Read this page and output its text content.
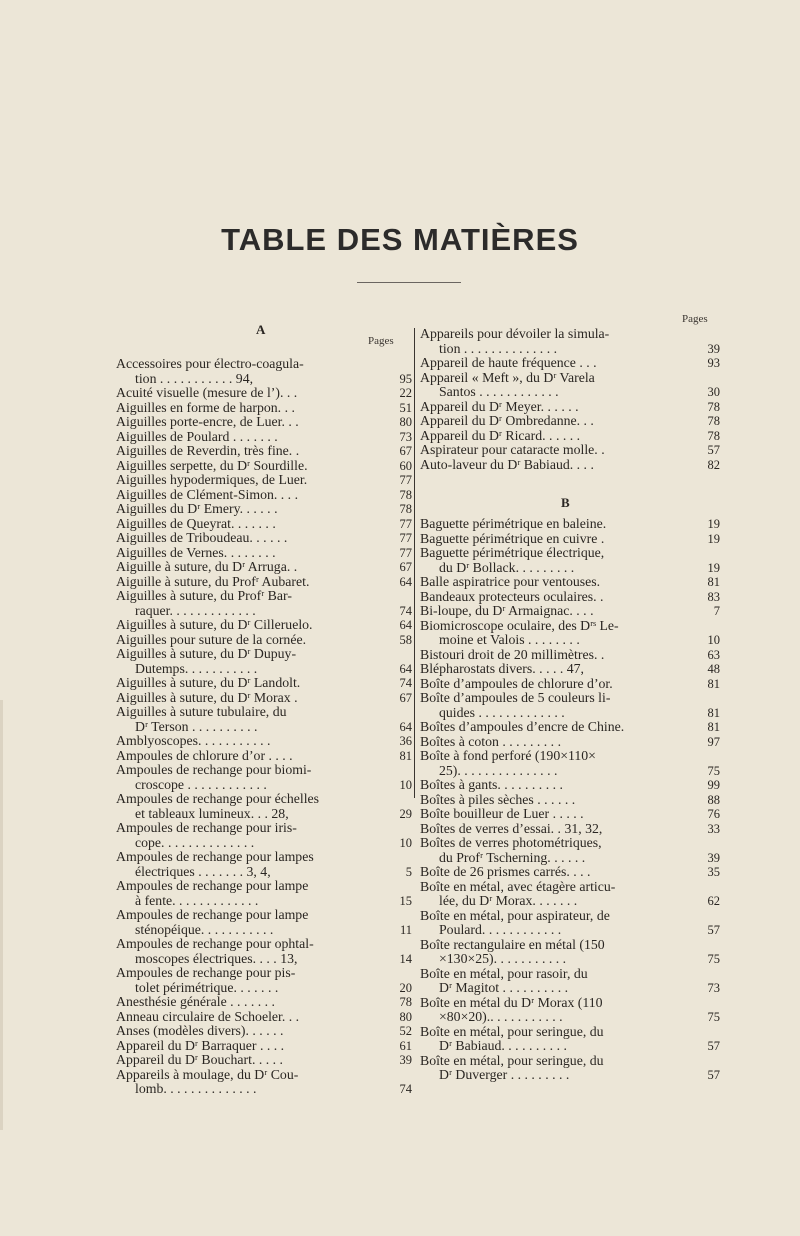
TABLE DES MATIÈRES
A
Pages
Accessoires pour électro-coagula-
tion . . . . . . . . . . . 94,	95
Acuité visuelle (mesure de l’). . .	22
Aiguilles en forme de harpon. . .	51
Aiguilles porte-encre, de Luer. . .	80
Aiguilles de Poulard . . . . . . .	73
Aiguilles de Reverdin, très fine. .	67
Aiguilles serpette, du Dʳ Sourdille.	60
Aiguilles hypodermiques, de Luer.	77
Aiguilles de Clément-Simon. . . .	78
Aiguilles du Dʳ Emery. . . . . .	78
Aiguilles de Queyrat. . . . . . .	77
Aiguilles de Triboudeau. . . . . .	77
Aiguilles de Vernes. . . . . . . .	77
Aiguille à suture, du Dʳ Arruga. .	67
Aiguille à suture, du Profʳ Aubaret.	64
Aiguilles à suture, du Profʳ Bar-
raquer. . . . . . . . . . . . .	74
Aiguilles à suture, du Dʳ Cilleruelo.	64
Aiguilles pour suture de la cornée.	58
Aiguilles à suture, du Dʳ Dupuy-
Dutemps. . . . . . . . . . .	64
Aiguilles à suture, du Dʳ Landolt.	74
Aiguilles à suture, du Dʳ Morax .	67
Aiguilles à suture tubulaire, du
Dʳ Terson . . . . . . . . . .	64
Amblyoscopes. . . . . . . . . . .	36
Ampoules de chlorure d’or . . . .	81
Ampoules de rechange pour biomi-
croscope . . . . . . . . . . . .	10
Ampoules de rechange pour échelles
et tableaux lumineux. . . 28,	29
Ampoules de rechange pour iris-
cope. . . . . . . . . . . . . .	10
Ampoules de rechange pour lampes
électriques . . . . . . . 3, 4,	5
Ampoules de rechange pour lampe
à fente. . . . . . . . . . . . .	15
Ampoules de rechange pour lampe
sténopéique. . . . . . . . . . .	11
Ampoules de rechange pour ophtal-
moscopes électriques. . . . 13,	14
Ampoules de rechange pour pis-
tolet périmétrique. . . . . . .	20
Anesthésie générale . . . . . . .	78
Anneau circulaire de Schoeler. . .	80
Anses (modèles divers). . . . . .	52
Appareil du Dʳ Barraquer . . . .	61
Appareil du Dʳ Bouchart. . . . .	39
Appareils à moulage, du Dʳ Cou-
lomb. . . . . . . . . . . . . .	74
Pages
B
Appareils pour dévoiler la simula-
tion . . . . . . . . . . . . . .	39
Appareil de haute fréquence . . .	93
Appareil « Meft », du Dʳ Varela
Santos . . . . . . . . . . . .	30
Appareil du Dʳ Meyer. . . . . .	78
Appareil du Dʳ Ombredanne. . .	78
Appareil du Dʳ Ricard. . . . . .	78
Aspirateur pour cataracte molle. .	57
Auto-laveur du Dʳ Babiaud. . . .	82
Baguette périmétrique en baleine.	19
Baguette périmétrique en cuivre .	19
Baguette périmétrique électrique,
du Dʳ Bollack. . . . . . . . .	19
Balle aspiratrice pour ventouses.	81
Bandeaux protecteurs oculaires. .	83
Bi-loupe, du Dʳ Armaignac. . . .	7
Biomicroscope oculaire, des Dʳˢ Le-
moine et Valois . . . . . . . .	10
Bistouri droit de 20 millimètres. .	63
Blépharostats divers. . . . . 47,	48
Boîte d’ampoules de chlorure d’or.	81
Boîte d’ampoules de 5 couleurs li-
quides . . . . . . . . . . . . .	81
Boîtes d’ampoules d’encre de Chine.	81
Boîtes à coton . . . . . . . . .	97
Boîte à fond perforé (190×110×
25). . . . . . . . . . . . . . .	75
Boîtes à gants. . . . . . . . . .	99
Boîtes à piles sèches . . . . . .	88
Boîte bouilleur de Luer . . . . .	76
Boîtes de verres d’essai. . 31, 32,	33
Boîtes de verres photométriques,
du Profʳ Tscherning. . . . . .	39
Boîte de 26 prismes carrés. . . .	35
Boîte en métal, avec étagère articu-
lée, du Dʳ Morax. . . . . . .	62
Boîte en métal, pour aspirateur, de
Poulard. . . . . . . . . . . .	57
Boîte rectangulaire en métal (150
×130×25). . . . . . . . . . .	75
Boîte en métal, pour rasoir, du
Dʳ Magitot . . . . . . . . . .	73
Boîte en métal du Dʳ Morax (110
×80×20).. . . . . . . . . . .	75
Boîte en métal, pour seringue, du
Dʳ Babiaud. . . . . . . . . .	57
Boîte en métal, pour seringue, du
Dʳ Duverger . . . . . . . . .	57
